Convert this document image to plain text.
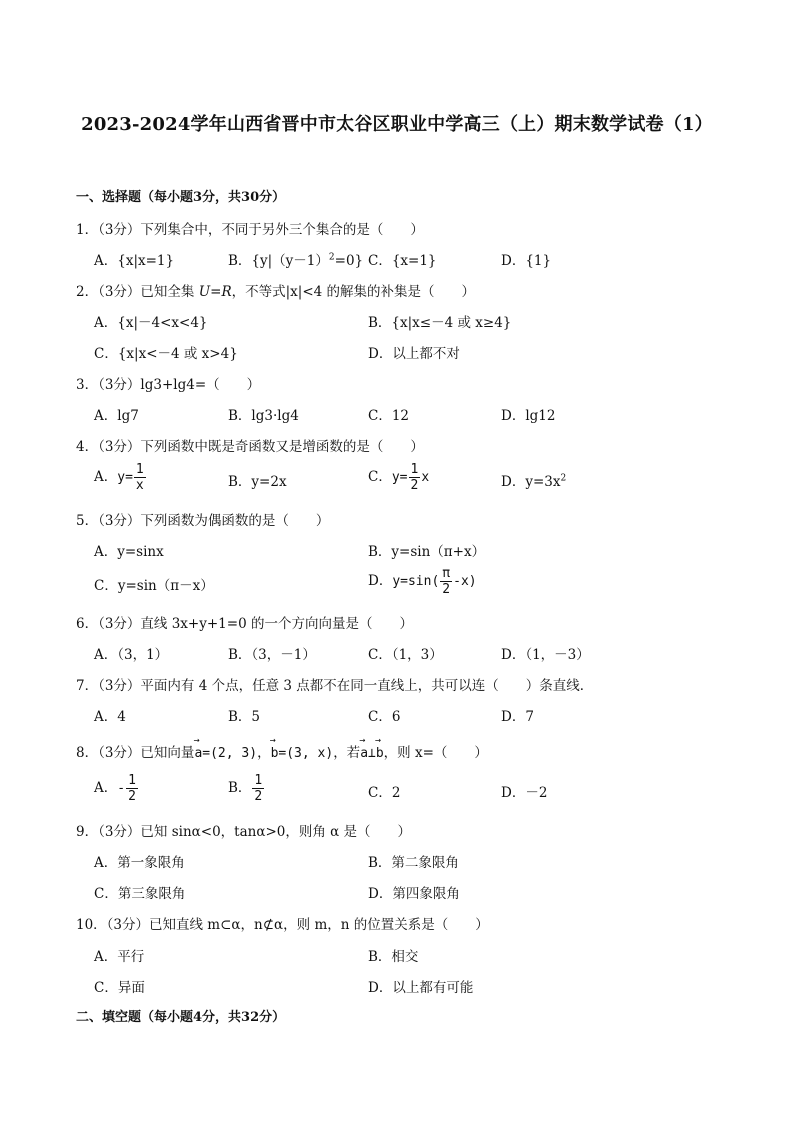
2023-2024学年山西省晋中市太谷区职业中学高三（上）期末数学试卷（1）
一、选择题（每小题3分，共30分）
1．（3分）下列集合中，不同于另外三个集合的是（　　）
A．{x|x=1}	B．$\{y|(y-1)^2=0\}$ C．{x=1}	D．{1}
2．（3分）已知全集 U=R，不等式|x|<4 的解集的补集是（　　）
A．{x|－4<x<4}	B．{x|x≤－4 或 x≥4}
C．{x|x<－4 或 x>4}	D．以上都不对
3．（3分）lg3+lg4=（　　）
A．lg7	B．lg3·lg4	C．12	D．lg12
4．（3分）下列函数中既是奇函数又是增函数的是（　　）
A．$y= \frac{1}{x}$	B．y=2x	C．$y= \frac{1}{2}$ x	D．$y=3x^2$
5．（3分）下列函数为偶函数的是（　　）
A．y=sinx	B．y=sin（π+x）
C．y=sin（π－x）	D．$y=\sin( \frac{\pi}{2} -x)$
6．（3分）直线 3x+y+1=0 的一个方向向量是（　　）
A．（3，1）	B．（3，－1）	C．（1，3）	D．（1，－3）
7．（3分）平面内有 4 个点，任意 3 点都不在同一直线上，共可以连（　　）条直线．
A．4	B．5	C．6	D．7
8．（3分）已知向量→ a=(2, 3)，→ b=(3, x)，若→ a⊥→ b，则 x=（　　）
A．- $\frac{1}{2}$	B． $\frac{1}{2}$	C．2	D．－2
9．（3分）已知 sinα<0，tanα>0，则角 α 是（　　）
A．第一象限角	B．第二象限角
C．第三象限角	D．第四象限角
10．（3分）已知直线 m⊂α，n⊄α，则 m，n 的位置关系是（　　）
A．平行	B．相交
C．异面	D．以上都有可能
二、填空题（每小题4分，共32分）
